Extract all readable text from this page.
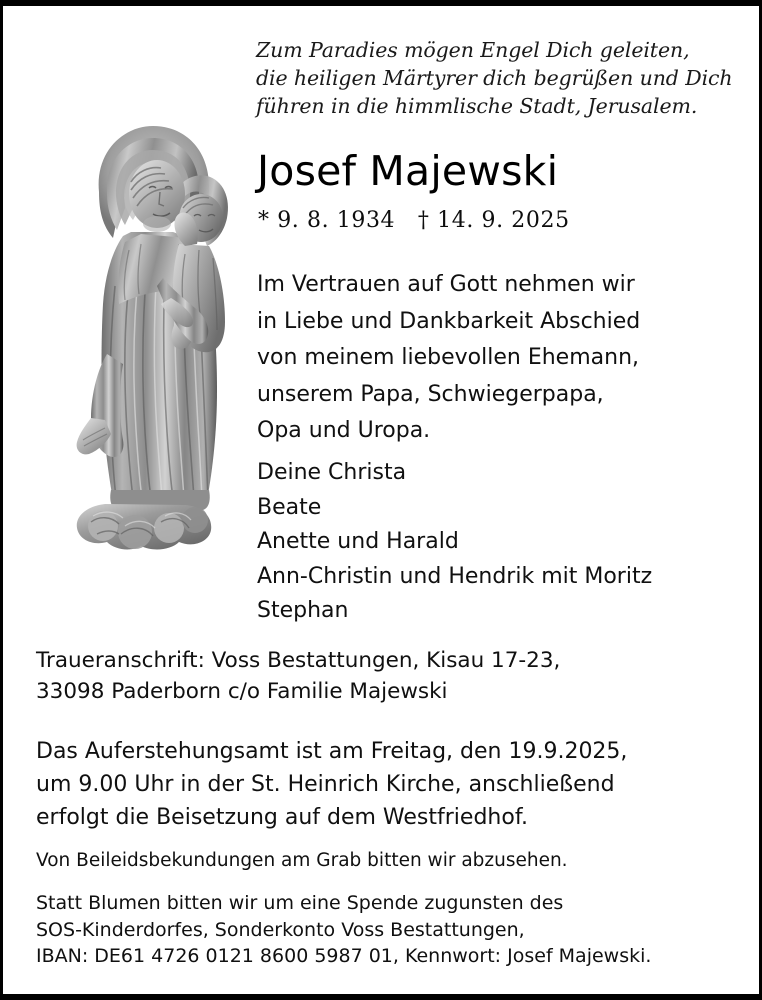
Zum Paradies mögen Engel Dich geleiten,
die heiligen Märtyrer dich begrüßen und Dich
führen in die himmlische Stadt, Jerusalem.
Josef Majewski
* 9. 8. 1934   † 14. 9. 2025
Im Vertrauen auf Gott nehmen wir
in Liebe und Dankbarkeit Abschied
von meinem liebevollen Ehemann,
unserem Papa, Schwiegerpapa,
Opa und Uropa.
Deine Christa
Beate
Anette und Harald
Ann-Christin und Hendrik mit Moritz
Stephan
Traueranschrift: Voss Bestattungen, Kisau 17-23,
33098 Paderborn c/o Familie Majewski
Das Auferstehungsamt ist am Freitag, den 19.9.2025,
um 9.00 Uhr in der St. Heinrich Kirche, anschließend
erfolgt die Beisetzung auf dem Westfriedhof.
Von Beileidsbekundungen am Grab bitten wir abzusehen.
Statt Blumen bitten wir um eine Spende zugunsten des
SOS-Kinderdorfes, Sonderkonto Voss Bestattungen,
IBAN: DE61 4726 0121 8600 5987 01, Kennwort: Josef Majewski.
